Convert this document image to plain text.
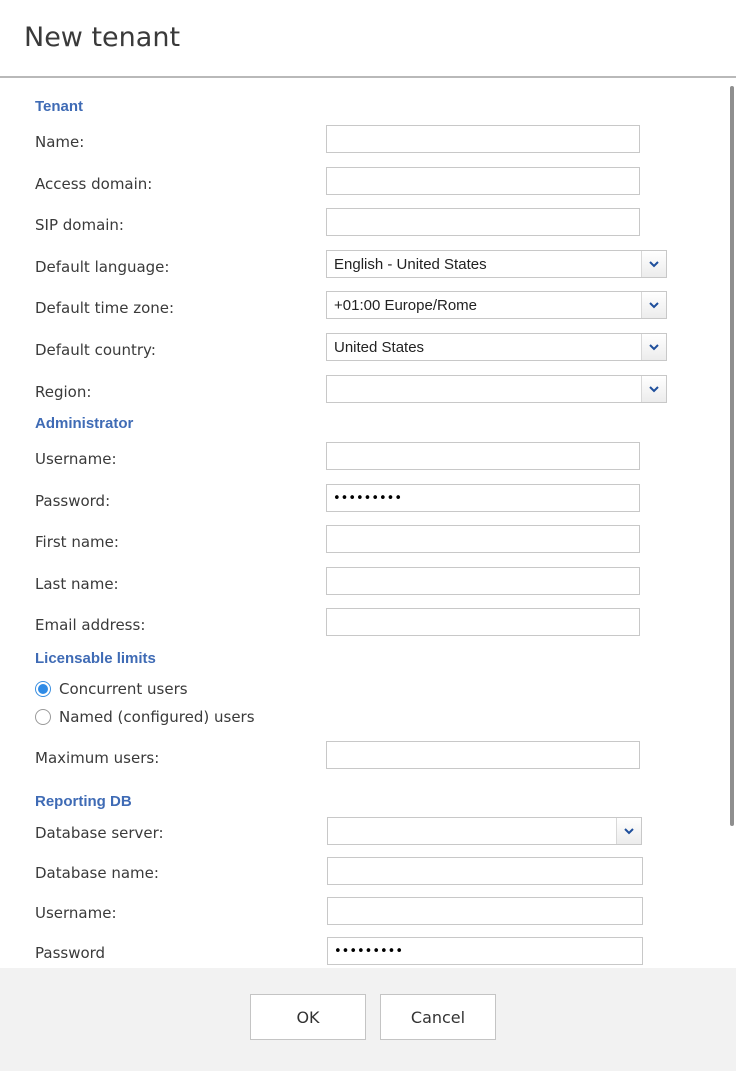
New tenant
Tenant
Name:
Access domain:
SIP domain:
Default language:	English - United States
Default time zone:	+01:00 Europe/Rome
Default country:	United States
Region:
Administrator
Username:
Password:
•••••••••
First name:
Last name:
Email address:
Licensable limits
Concurrent users
Named (configured) users
Maximum users:
Reporting DB
Database server:
Database name:
Username:
Password
•••••••••
OK	Cancel
